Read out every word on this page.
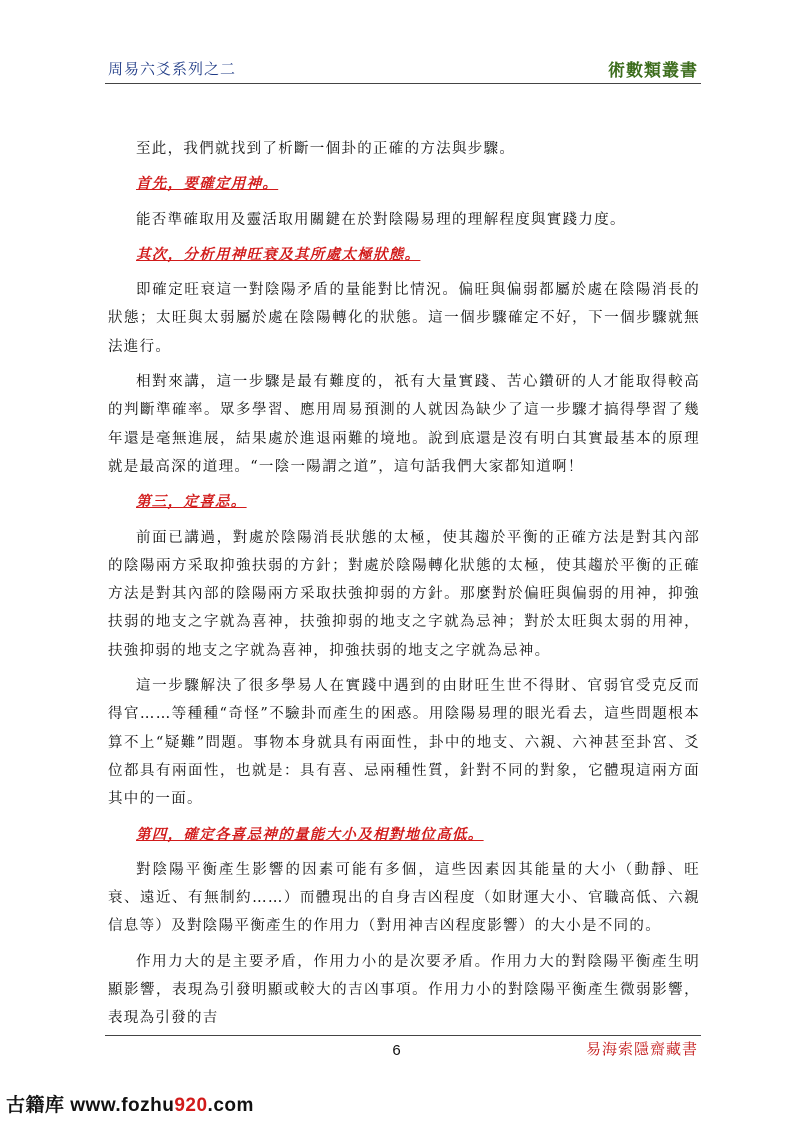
周易六爻系列之二	術數類叢書

至此，我們就找到了析斷一個卦的正確的方法與步驟。

首先，要確定用神。

能否準確取用及靈活取用關鍵在於對陰陽易理的理解程度與實踐力度。

其次，分析用神旺衰及其所處太極狀態。

即確定旺衰這一對陰陽矛盾的量能對比情況。偏旺與偏弱都屬於處在陰陽消長的狀態；太旺與太弱屬於處在陰陽轉化的狀態。這一個步驟確定不好，下一個步驟就無法進行。

相對來講，這一步驟是最有難度的，祇有大量實踐、苦心鑽研的人才能取得較高的判斷準確率。眾多學習、應用周易預測的人就因為缺少了這一步驟才搞得學習了幾年還是毫無進展，結果處於進退兩難的境地。說到底還是沒有明白其實最基本的原理就是最高深的道理。“一陰一陽謂之道”，這句話我們大家都知道啊！

第三，定喜忌。

前面已講過，對處於陰陽消長狀態的太極，使其趨於平衡的正確方法是對其內部的陰陽兩方采取抑強扶弱的方針；對處於陰陽轉化狀態的太極，使其趨於平衡的正確方法是對其內部的陰陽兩方采取扶強抑弱的方針。那麼對於偏旺與偏弱的用神，抑強扶弱的地支之字就為喜神，扶強抑弱的地支之字就為忌神；對於太旺與太弱的用神，扶強抑弱的地支之字就為喜神，抑強扶弱的地支之字就為忌神。

這一步驟解決了很多學易人在實踐中遇到的由財旺生世不得財、官弱官受克反而得官……等種種“奇怪”不驗卦而產生的困惑。用陰陽易理的眼光看去，這些問題根本算不上“疑難”問題。事物本身就具有兩面性，卦中的地支、六親、六神甚至卦宮、爻位都具有兩面性，也就是：具有喜、忌兩種性質，針對不同的對象，它體現這兩方面其中的一面。

第四，確定各喜忌神的量能大小及相對地位高低。

對陰陽平衡產生影響的因素可能有多個，這些因素因其能量的大小（動靜、旺衰、遠近、有無制約……）而體現出的自身吉凶程度（如財運大小、官職高低、六親信息等）及對陰陽平衡產生的作用力（對用神吉凶程度影響）的大小是不同的。

作用力大的是主要矛盾，作用力小的是次要矛盾。作用力大的對陰陽平衡產生明顯影響，表現為引發明顯或較大的吉凶事項。作用力小的對陰陽平衡產生微弱影響，表現為引發的吉

6	易海索隱齋藏書
古籍库 www.fozhu920.com
